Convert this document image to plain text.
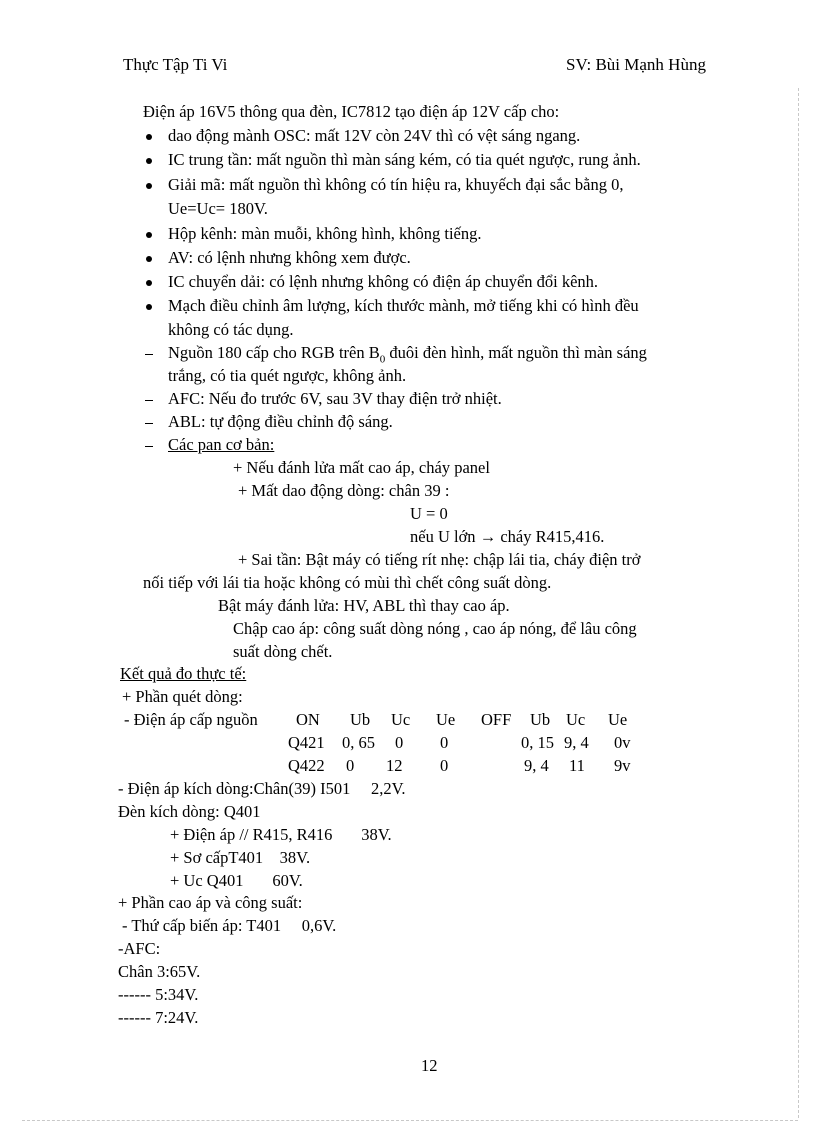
Thực Tập Ti Vi	SV: Bùi Mạnh Hùng
Điện áp 16V5 thông qua đèn, IC7812 tạo điện áp 12V cấp cho:
dao động mành OSC: mất 12V còn 24V thì có vệt sáng ngang.
IC trung tần: mất nguồn thì màn sáng kém, có tia quét ngược, rung ảnh.
Giải mã: mất nguồn thì không có tín hiệu ra, khuyếch đại sắc bằng 0,
Ue=Uc= 180V.
Hộp kênh: màn muỗi, không hình, không tiếng.
AV: có lệnh nhưng không xem được.
IC chuyển dải: có lệnh nhưng không có điện áp chuyển đổi kênh.
Mạch điều chỉnh âm lượng, kích thước mành, mở tiếng khi có hình đều
không có tác dụng.
Nguồn 180 cấp cho RGB trên $B_0$ đuôi đèn hình, mất nguồn thì màn sáng
trắng, có tia quét ngược, không ảnh.
AFC: Nếu đo trước 6V, sau 3V thay điện trở nhiệt.
ABL: tự động điều chỉnh độ sáng.
Các pan cơ bản:
+ Nếu đánh lửa mất cao áp, cháy panel
+ Mất dao động dòng: chân 39 :
U = 0
nếu U lớn → cháy R415,416.
+ Sai tần: Bật máy có tiếng rít nhẹ: chập lái tia, cháy điện trở
nối tiếp với lái tia hoặc không có mùi thì chết công suất dòng.
Bật máy đánh lửa: HV, ABL thì thay cao áp.
Chập cao áp: công suất dòng nóng , cao áp nóng, để lâu công
suất dòng chết.
Kết quả đo thực tế:
+ Phần quét dòng:
- Điện áp cấp nguồn ON Ub Uc Ue OFF Ub Uc Ue
Q421 0, 65 0 0	0, 15 9, 4 0v
Q422 0 12 0	9, 4 11 9v
- Điện áp kích dòng:Chân(39) I501     2,2V.
Đèn kích dòng: Q401
+ Điện áp // R415, R416       38V.
+ Sơ cấpT401    38V.
+ Uc Q401       60V.
+ Phần cao áp và công suất:
- Thứ cấp biến áp: T401     0,6V.
-AFC:
Chân 3:65V.
------ 5:34V.
------ 7:24V.
12
